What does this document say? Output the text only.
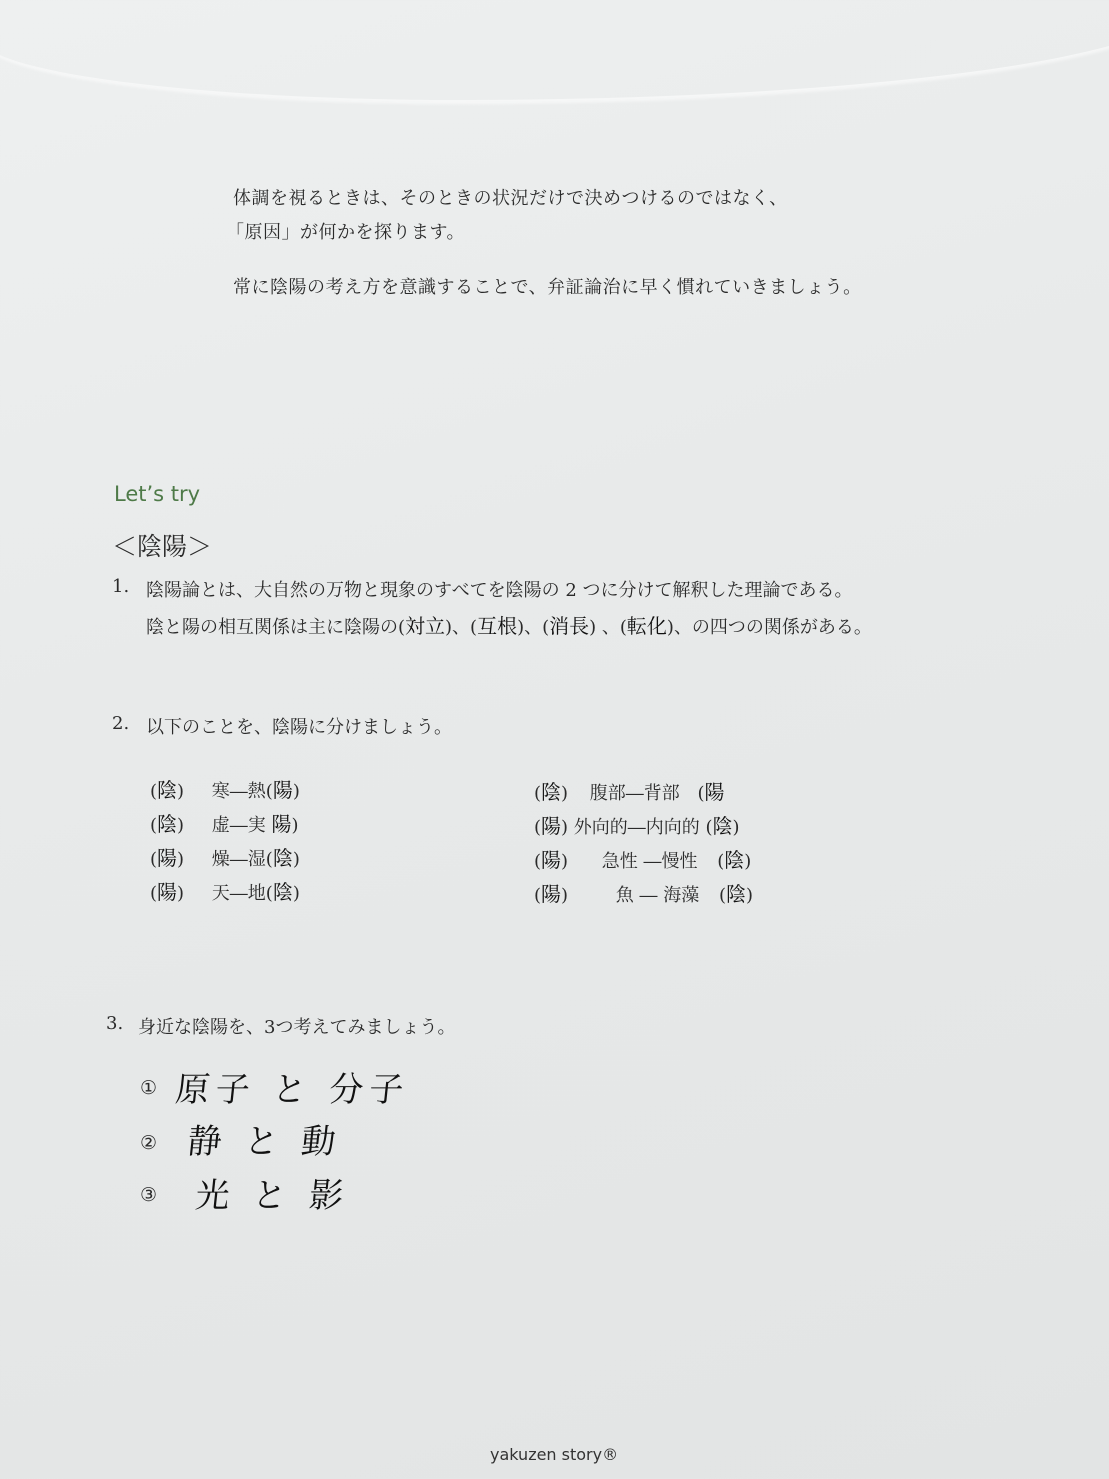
体調を視るときは、そのときの状況だけで決めつけるのではなく、
「原因」が何かを探ります。
常に陰陽の考え方を意識することで、弁証論治に早く慣れていきましょう。
Let’s try
＜陰陽＞
1. 陰陽論とは、大自然の万物と現象のすべてを陰陽の 2 つに分けて解釈した理論である。
陰と陽の相互関係は主に陰陽の(対立)、(互根)、(消長) 、(転化)、の四つの関係がある。
2. 以下のことを、陰陽に分けましょう。
(陰) 寒―熱(陽)
(陰) 虚―実 陽)
(陽) 燥―湿(陰)
(陽) 天―地(陰)
(陰) 腹部―背部 (陽
(陽) 外向的―内向的 (陰)
(陽) 急性 ―慢性 (陰)
(陽) 魚 ― 海藻 (陰)
3. 身近な陰陽を、3つ考えてみましょう。
① 原子 と 分子
② 静 と 動
③ 光 と 影
yakuzen story®
